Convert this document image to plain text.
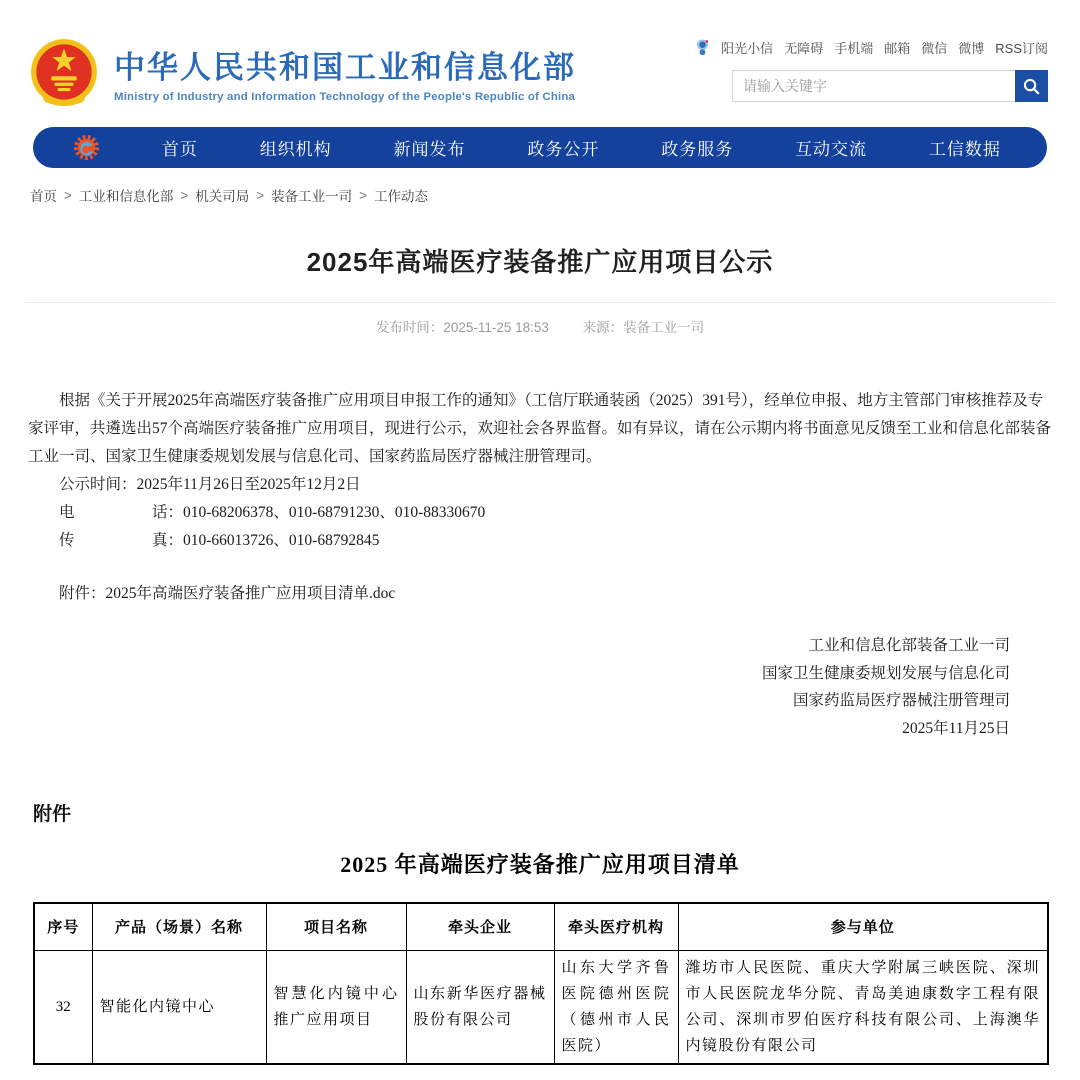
中华人民共和国工业和信息化部
Ministry of Industry and Information Technology of the People's Republic of China
阳光小信 无障碍 手机端 邮箱 微信 微博 RSS订阅
请输入关键字
首页	组织机构	新闻发布	政务公开	政务服务	互动交流	工信数据
首页 > 工业和信息化部 > 机关司局 > 装备工业一司 > 工作动态
2025年高端医疗装备推广应用项目公示
发布时间：2025-11-25 18:53	来源：装备工业一司

根据《关于开展2025年高端医疗装备推广应用项目申报工作的通知》（工信厅联通装函（2025）391号），经单位申报、地方主管部门审核推荐及专家评审，共遴选出57个高端医疗装备推广应用项目，现进行公示，欢迎社会各界监督。如有异议，请在公示期内将书面意见反馈至工业和信息化部装备工业一司、国家卫生健康委规划发展与信息化司、国家药监局医疗器械注册管理司。

公示时间：2025年11月26日至2025年12月2日

电　　　　　话：010-68206378、010-68791230、010-88330670

传　　　　　真：010-66013726、010-68792845

附件：2025年高端医疗装备推广应用项目清单.doc

工业和信息化部装备工业一司

国家卫生健康委规划发展与信息化司

国家药监局医疗器械注册管理司

2025年11月25日

附件
2025 年高端医疗装备推广应用项目清单
序号	产品（场景）名称	项目名称	牵头企业	牵头医疗机构	参与单位
32	智能化内镜中心	智慧化内镜中心推广应用项目	山东新华医疗器械股份有限公司	山东大学齐鲁医院德州医院（德州市人民医院）	潍坊市人民医院、重庆大学附属三峡医院、深圳市人民医院龙华分院、青岛美迪康数字工程有限公司、深圳市罗伯医疗科技有限公司、上海澳华内镜股份有限公司
